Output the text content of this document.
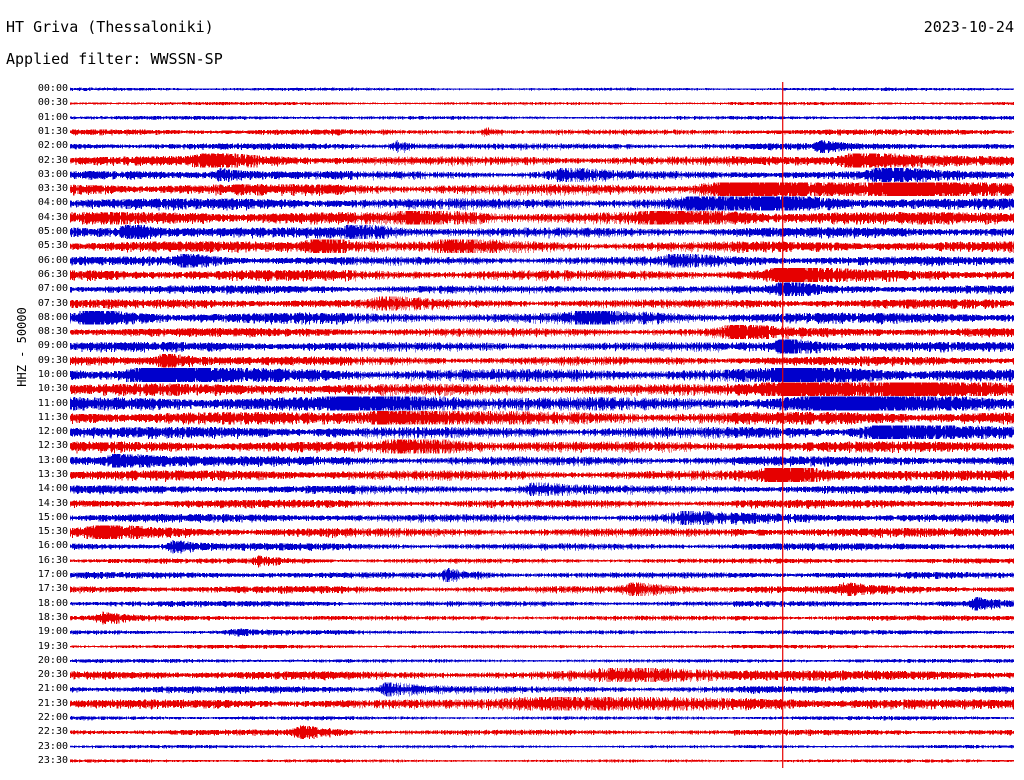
HT Griva (Thessaloniki)
Applied filter: WWSSN-SP
2023-10-24
HHZ - 50000
00:00
00:30
01:00
01:30
02:00
02:30
03:00
03:30
04:00
04:30
05:00
05:30
06:00
06:30
07:00
07:30
08:00
08:30
09:00
09:30
10:00
10:30
11:00
11:30
12:00
12:30
13:00
13:30
14:00
14:30
15:00
15:30
16:00
16:30
17:00
17:30
18:00
18:30
19:00
19:30
20:00
20:30
21:00
21:30
22:00
22:30
23:00
23:30
